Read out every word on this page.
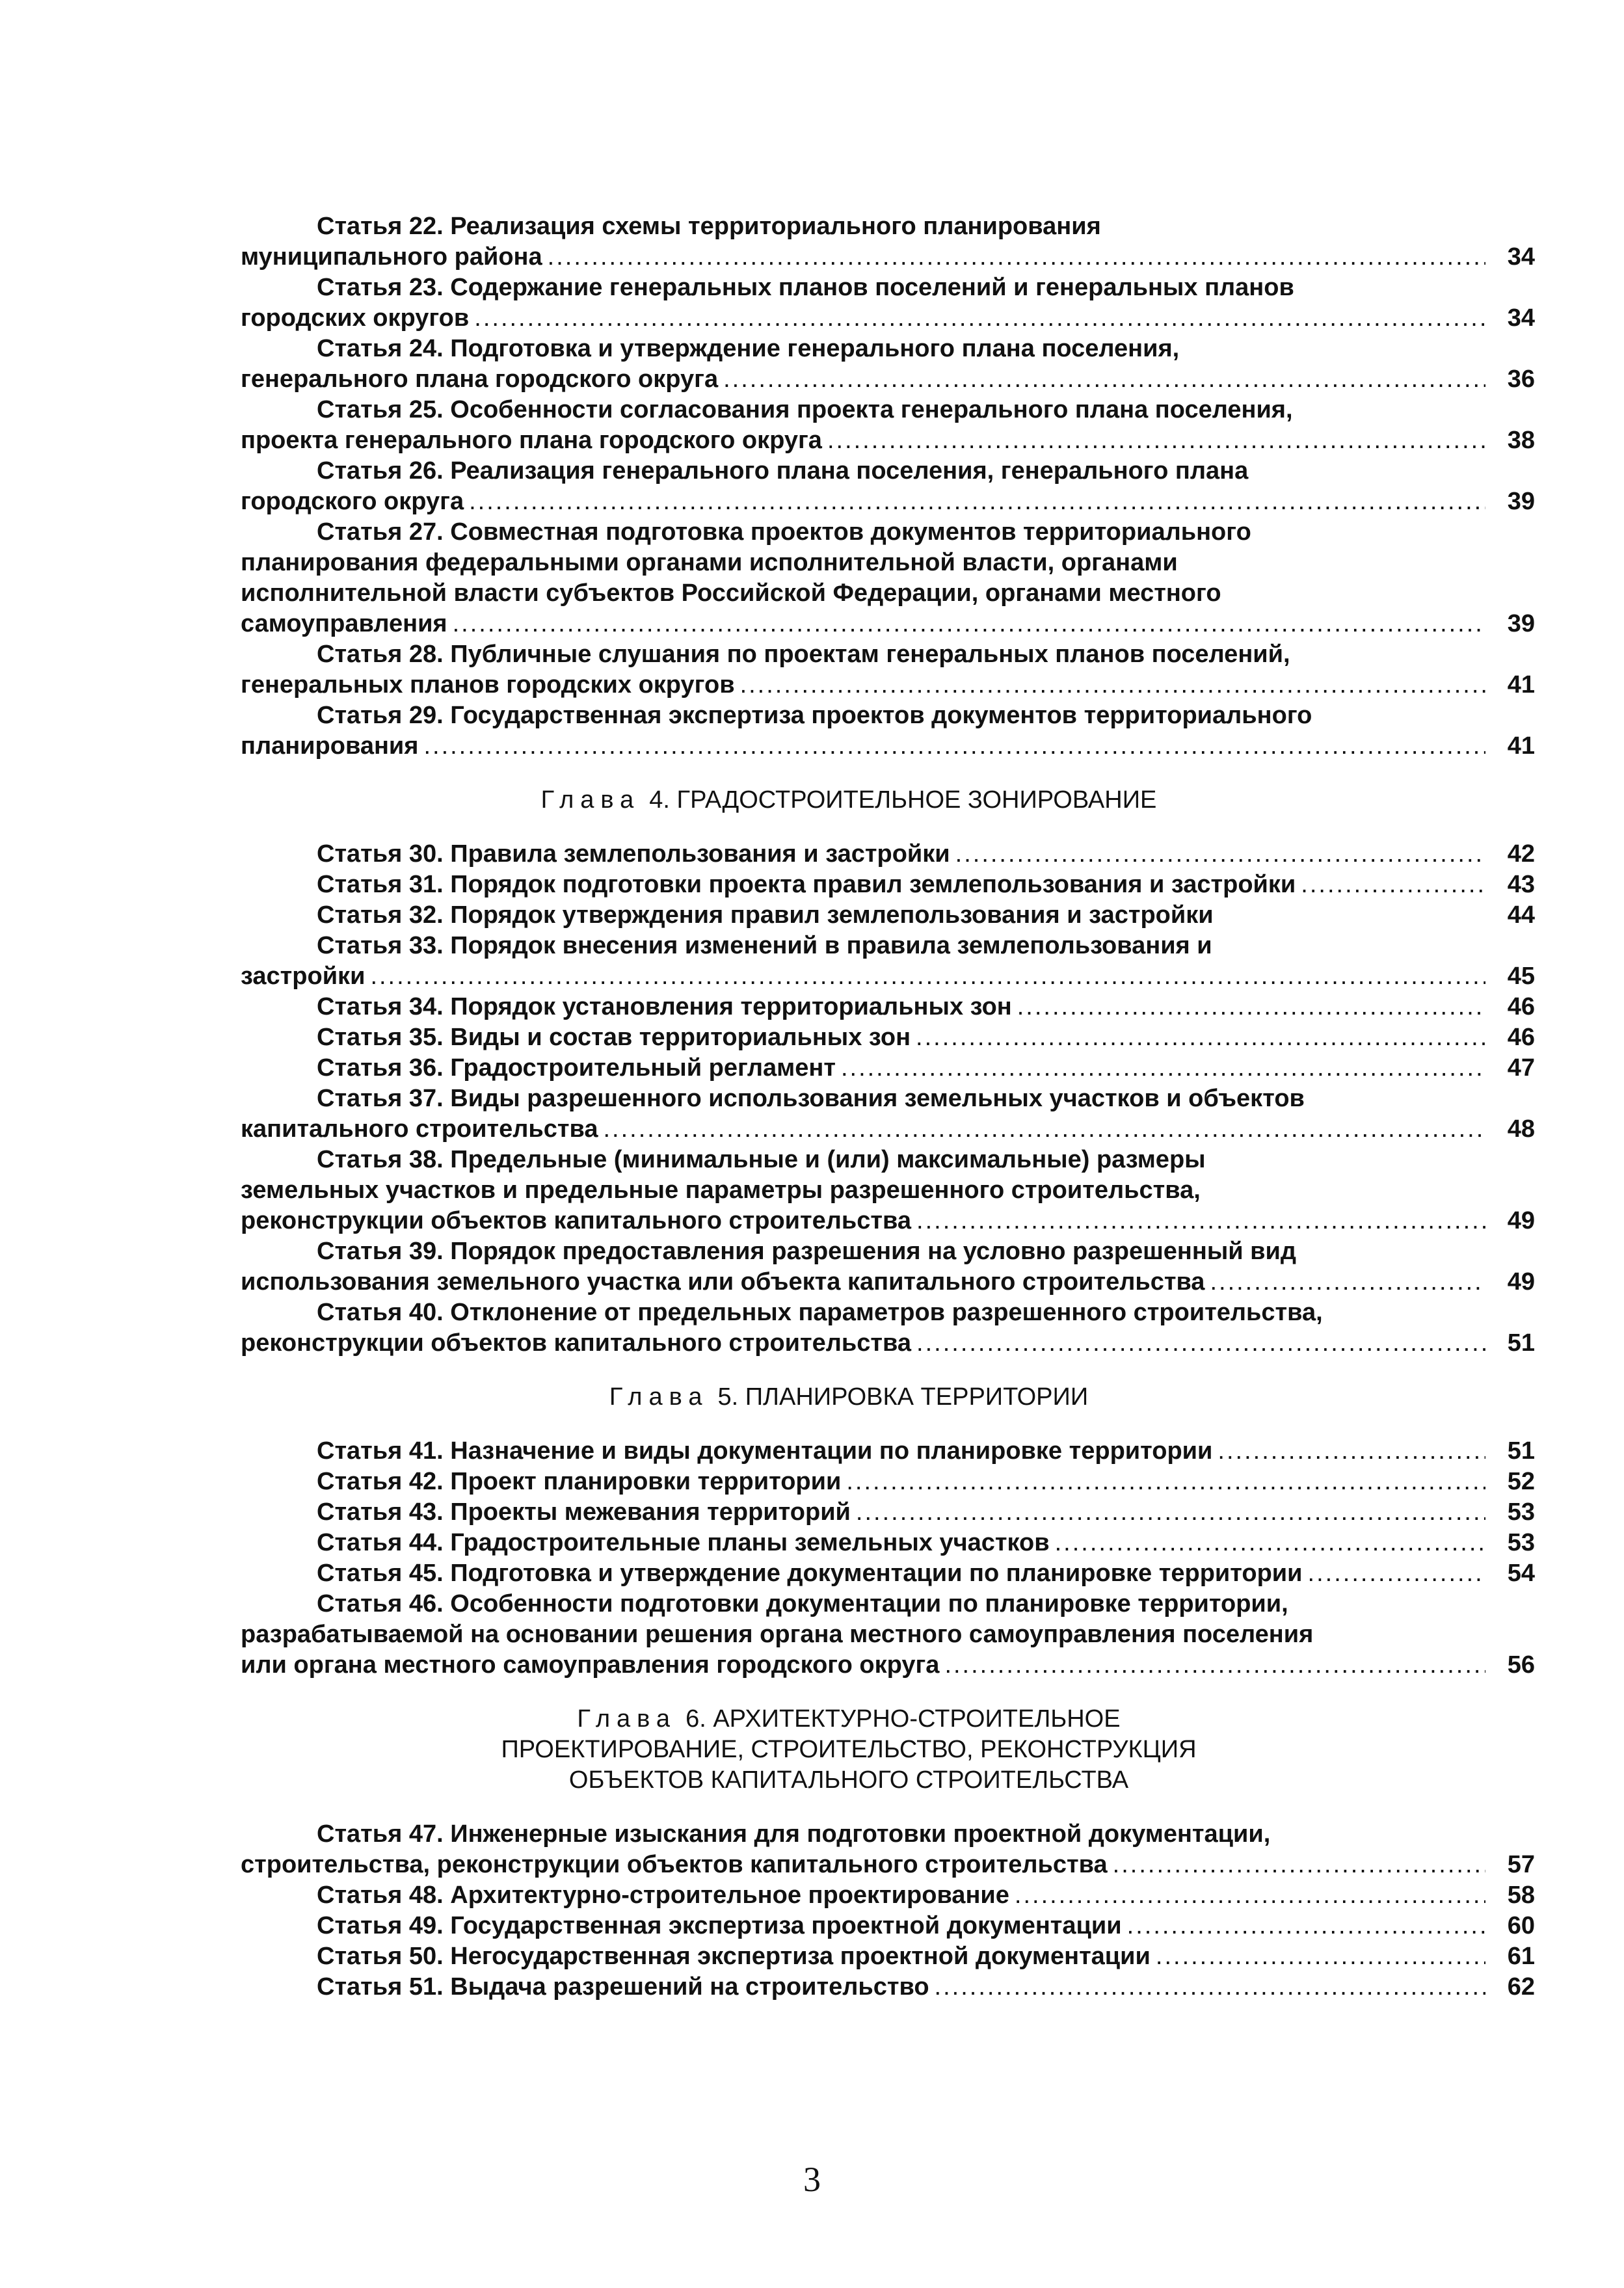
Статья 22. Реализация схемы территориального планирования
муниципального района .....	34
Статья 23. Содержание генеральных планов поселений и генеральных планов
городских округов .....	34
Статья 24. Подготовка и утверждение генерального плана поселения,
генерального плана городского округа .....	36
Статья 25. Особенности согласования проекта генерального плана поселения,
проекта генерального плана городского округа .....	38
Статья 26. Реализация генерального плана поселения, генерального плана
городского округа .....	39
Статья 27. Совместная подготовка проектов документов территориального
планирования федеральными органами исполнительной власти, органами
исполнительной власти субъектов Российской Федерации, органами местного
самоуправления .....	39
Статья 28. Публичные слушания по проектам генеральных планов поселений,
генеральных планов городских округов .....	41
Статья 29. Государственная экспертиза проектов документов территориального
планирования .....	41
Глава 4. ГРАДОСТРОИТЕЛЬНОЕ ЗОНИРОВАНИЕ
Статья 30. Правила землепользования и застройки .....	42
Статья 31. Порядок подготовки проекта правил землепользования и застройки .....	43
Статья 32. Порядок утверждения правил землепользования и застройки	44
Статья 33. Порядок внесения изменений в правила землепользования и
застройки .....	45
Статья 34. Порядок установления территориальных зон .....	46
Статья 35. Виды и состав территориальных зон .....	46
Статья 36. Градостроительный регламент .....	47
Статья 37. Виды разрешенного использования земельных участков и объектов
капитального строительства .....	48
Статья 38. Предельные (минимальные и (или) максимальные) размеры
земельных участков и предельные параметры разрешенного строительства,
реконструкции объектов капитального строительства .....	49
Статья 39. Порядок предоставления разрешения на условно разрешенный вид
использования земельного участка или объекта капитального строительства .....	49
Статья 40. Отклонение от предельных параметров разрешенного строительства,
реконструкции объектов капитального строительства .....	51
Глава 5. ПЛАНИРОВКА ТЕРРИТОРИИ
Статья 41. Назначение и виды документации по планировке территории .....	51
Статья 42. Проект планировки территории .....	52
Статья 43. Проекты межевания территорий .....	53
Статья 44. Градостроительные планы земельных участков .....	53
Статья 45. Подготовка и утверждение документации по планировке территории .....	54
Статья 46. Особенности подготовки документации по планировке территории,
разрабатываемой на основании решения органа местного самоуправления поселения
или органа местного самоуправления городского округа .....	56
Глава 6. АРХИТЕКТУРНО-СТРОИТЕЛЬНОЕ
ПРОЕКТИРОВАНИЕ, СТРОИТЕЛЬСТВО, РЕКОНСТРУКЦИЯ
ОБЪЕКТОВ КАПИТАЛЬНОГО СТРОИТЕЛЬСТВА
Статья 47. Инженерные изыскания для подготовки проектной документации,
строительства, реконструкции объектов капитального строительства .....	57
Статья 48. Архитектурно-строительное проектирование .....	58
Статья 49. Государственная экспертиза проектной документации .....	60
Статья 50. Негосударственная экспертиза проектной документации .....	61
Статья 51. Выдача разрешений на строительство .....	62
3
